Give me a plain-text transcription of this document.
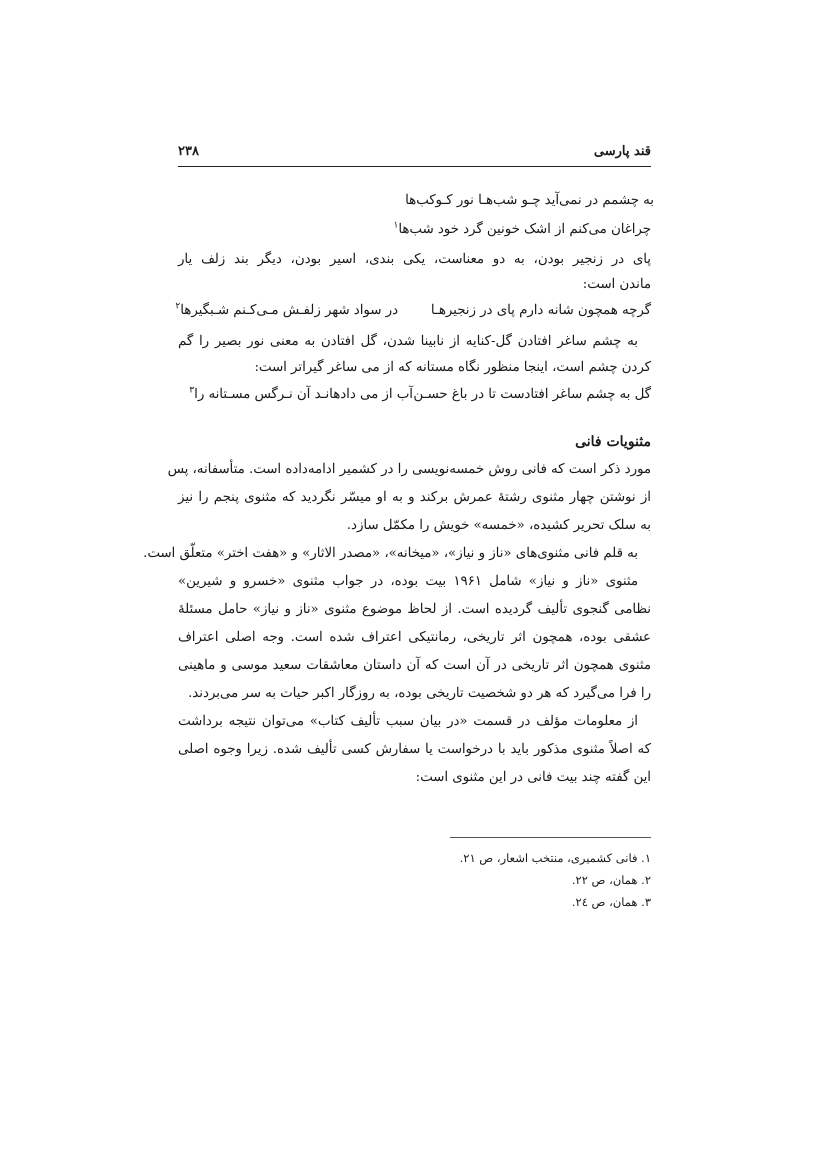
قند پارسی
۲۳۸
به چشمم در نمی‌آید چـو شب‌هـا نور کـوکب‌ها
چراغان می‌کنم از اشک خونین گرد خود شب‌ها$^۱$
پای در زنجیر بودن، به دو معناست، یکی بندی، اسیر بودن، دیگر بند زلف یار
ماندن است:
گرچه همچون شانه دارم پای در زنجیرهـا
در سواد شهر زلفـش مـی‌کـنم شـبگیرها$^۲$
به چشم ساغر افتادن گل-کنایه از نابینا شدن، گل افتادن به معنی نور بصیر را گم
کردن چشم است، اینجا منظور نگاه مستانه که از می ساغر گیراتر است:
گل به چشم ساغر افتادست تا در باغ حسـن
آب از می دادهانـد آن نـرگس مسـتانه را$^۳$
مثنویات فانی
مورد ذکر است که فانی روش خمسه‌نویسی را در کشمیر ادامه‌داده است. متأسفانه، پس
از نوشتن چهار مثنوی رشتهٔ عمرش برکند و به او میسّر نگردید که مثنوی پنجم را نیز
به سلک تحریر کشیده، «خمسه» خویش را مکمّل سازد.
به قلم فانی مثنوی‌های «ناز و نیاز»، «میخانه»، «مصدر الاثار» و «هفت اختر» متعلّق است.
مثنوی «ناز و نیاز» شامل ۱۹۶۱ بیت بوده، در جواب مثنوی «خسرو و شیرین»
نظامی گنجوی تألیف گردیده است. از لحاظ موضوع مثنوی «ناز و نیاز» حامل مسئلهٔ
عشقی بوده، همچون اثر تاریخی، رمانتیکی اعتراف شده است. وجه اصلی اعتراف
مثنوی همچون اثر تاریخی در آن است که آن داستان معاشقات سعید موسی و ماهینی
را فرا می‌گیرد که هر دو شخصیت تاریخی بوده، به روزگار اکبر حیات به سر می‌بردند.
از معلومات مؤلف در قسمت «در بیان سبب تألیف کتاب» می‌توان نتیجه برداشت
که اصلاً مثنوی مذکور باید با درخواست یا سفارش کسی تألیف شده. زیرا وجوه اصلی
این گفته چند بیت فانی در این مثنوی است:
۱. فانی کشمیری، منتخب اشعار، ص ۲۱.
۲. همان، ص ۲۲.
۳. همان، ص ۲٤.
